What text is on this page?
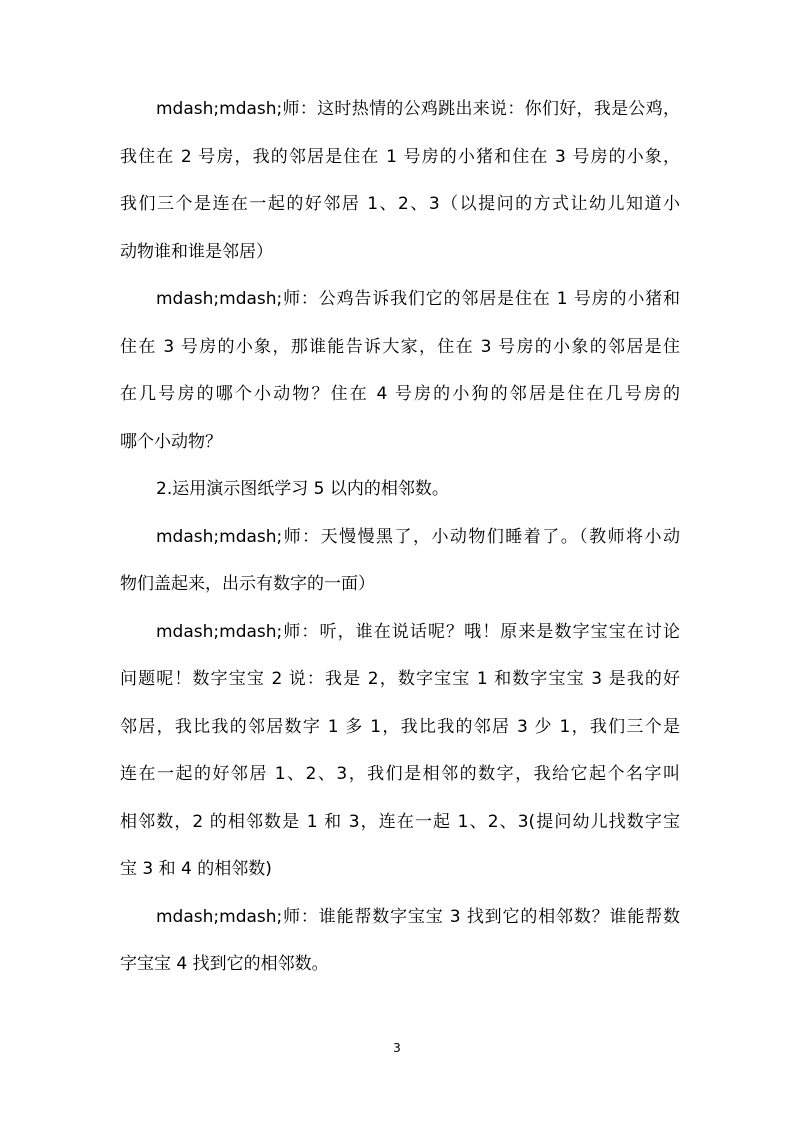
mdash;mdash;师：这时热情的公鸡跳出来说：你们好，我是公鸡，
我住在 2 号房，我的邻居是住在 1 号房的小猪和住在 3 号房的小象，
我们三个是连在一起的好邻居 1、2、3（以提问的方式让幼儿知道小
动物谁和谁是邻居）
mdash;mdash;师：公鸡告诉我们它的邻居是住在 1 号房的小猪和
住在 3 号房的小象，那谁能告诉大家，住在 3 号房的小象的邻居是住
在几号房的哪个小动物？住在 4 号房的小狗的邻居是住在几号房的
哪个小动物？
2.运用演示图纸学习 5 以内的相邻数。
mdash;mdash;师：天慢慢黑了，小动物们睡着了。（教师将小动
物们盖起来，出示有数字的一面）
mdash;mdash;师：听，谁在说话呢？哦！原来是数字宝宝在讨论
问题呢！数字宝宝 2 说：我是 2，数字宝宝 1 和数字宝宝 3 是我的好
邻居，我比我的邻居数字 1 多 1，我比我的邻居 3 少 1，我们三个是
连在一起的好邻居 1、2、3，我们是相邻的数字，我给它起个名字叫
相邻数，2 的相邻数是 1 和 3，连在一起 1、2、3(提问幼儿找数字宝
宝 3 和 4 的相邻数)
mdash;mdash;师：谁能帮数字宝宝 3 找到它的相邻数？谁能帮数
字宝宝 4 找到它的相邻数。
3
